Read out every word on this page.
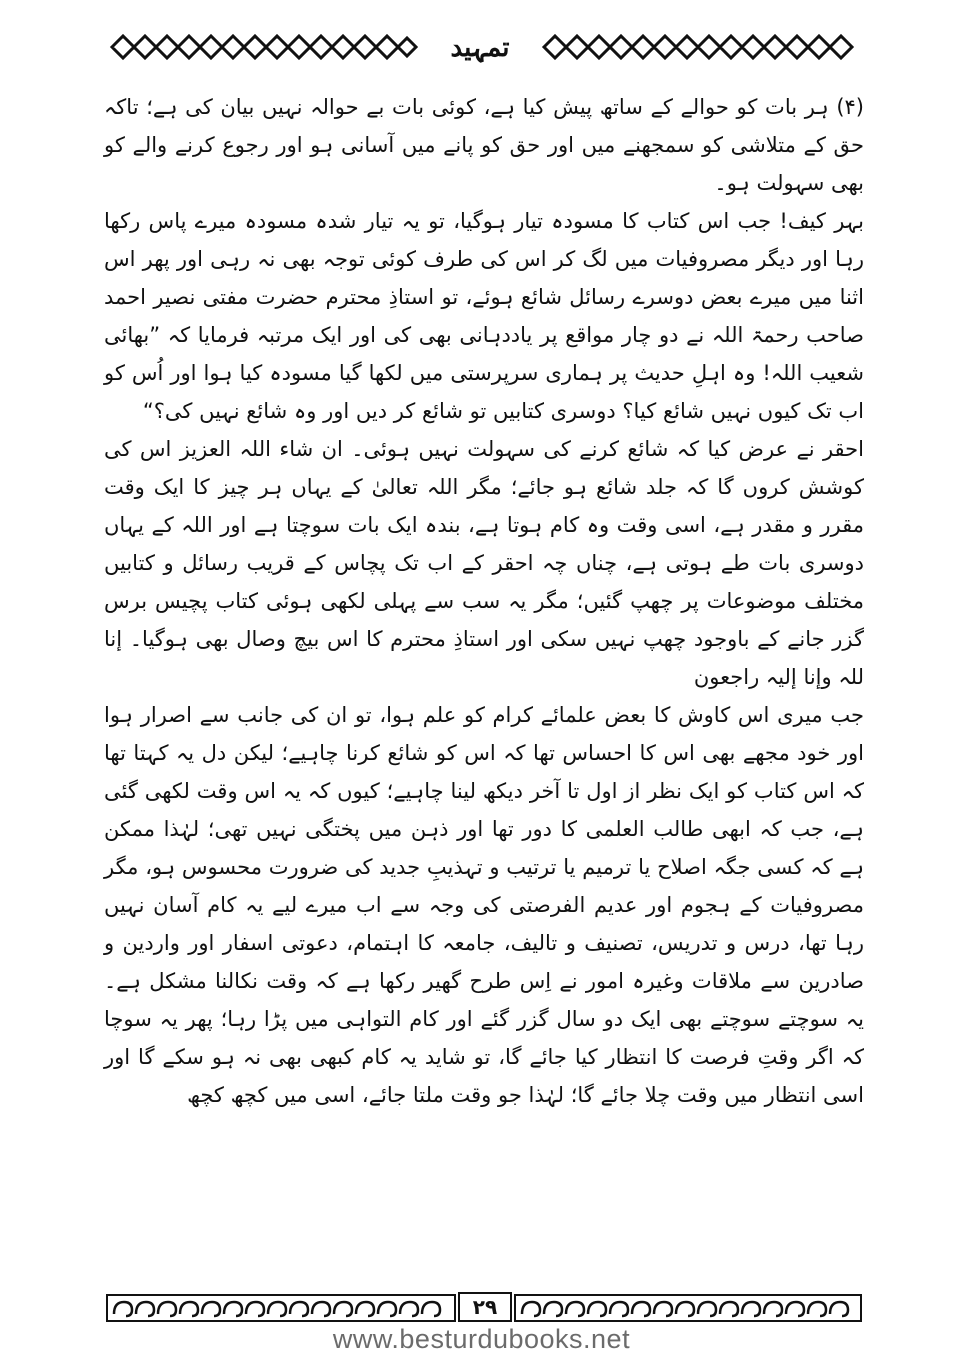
تمہید

(۴) ہر بات کو حوالے کے ساتھ پیش کیا ہے، کوئی بات بے حوالہ نہیں بیان کی ہے؛ تاکہ حق کے متلاشی کو سمجھنے میں اور حق کو پانے میں آسانی ہو اور رجوع کرنے والے کو بھی سہولت ہو۔

بہر کیف! جب اس کتاب کا مسودہ تیار ہوگیا، تو یہ تیار شدہ مسودہ میرے پاس رکھا رہا اور دیگر مصروفیات میں لگ کر اس کی طرف کوئی توجہ بھی نہ رہی اور پھر اس اثنا میں میرے بعض دوسرے رسائل شائع ہوئے، تو استاذِ محترم حضرت مفتی نصیر احمد صاحب رحمۃ اللہ نے دو چار مواقع پر یاددہانی بھی کی اور ایک مرتبہ فرمایا کہ ”بھائی شعیب اللہ! وہ اہلِ حدیث پر ہماری سرپرستی میں لکھا گیا مسودہ کیا ہوا اور اُس کو اب تک کیوں نہیں شائع کیا؟ دوسری کتابیں تو شائع کر دیں اور وہ شائع نہیں کی؟“

احقر نے عرض کیا کہ شائع کرنے کی سہولت نہیں ہوئی۔ ان شاء اللہ العزیز اس کی کوشش کروں گا کہ جلد شائع ہو جائے؛ مگر اللہ تعالیٰ کے یہاں ہر چیز کا ایک وقت مقرر و مقدر ہے، اسی وقت وہ کام ہوتا ہے، بندہ ایک بات سوچتا ہے اور اللہ کے یہاں دوسری بات طے ہوتی ہے، چناں چہ احقر کے اب تک پچاس کے قریب رسائل و کتابیں مختلف موضوعات پر چھپ گئیں؛ مگر یہ سب سے پہلی لکھی ہوئی کتاب پچیس برس گزر جانے کے باوجود چھپ نہیں سکی اور استاذِ محترم کا اس بیچ وصال بھی ہوگیا۔ إنا للہ وإنا إلیہ راجعون

جب میری اس کاوش کا بعض علمائے کرام کو علم ہوا، تو ان کی جانب سے اصرار ہوا اور خود مجھے بھی اس کا احساس تھا کہ اس کو شائع کرنا چاہیے؛ لیکن دل یہ کہتا تھا کہ اس کتاب کو ایک نظر از اول تا آخر دیکھ لینا چاہیے؛ کیوں کہ یہ اس وقت لکھی گئی ہے، جب کہ ابھی طالب العلمی کا دور تھا اور ذہن میں پختگی نہیں تھی؛ لہٰذا ممکن ہے کہ کسی جگہ اصلاح یا ترمیم یا ترتیب و تہذیبِ جدید کی ضرورت محسوس ہو، مگر مصروفیات کے ہجوم اور عدیم الفرصتی کی وجہ سے اب میرے لیے یہ کام آسان نہیں رہا تھا، درس و تدریس، تصنیف و تالیف، جامعہ کا اہتمام، دعوتی اسفار اور واردین و صادرین سے ملاقات وغیرہ امور نے اِس طرح گھیر رکھا ہے کہ وقت نکالنا مشکل ہے۔ یہ سوچتے سوچتے بھی ایک دو سال گزر گئے اور کام التواہی میں پڑا رہا؛ پھر یہ سوچا کہ اگر وقتِ فرصت کا انتظار کیا جائے گا، تو شاید یہ کام کبھی بھی نہ ہو سکے گا اور اسی انتظار میں وقت چلا جائے گا؛ لہٰذا جو وقت ملتا جائے، اسی میں کچھ کچھ

۲۹
www.besturdubooks.net
